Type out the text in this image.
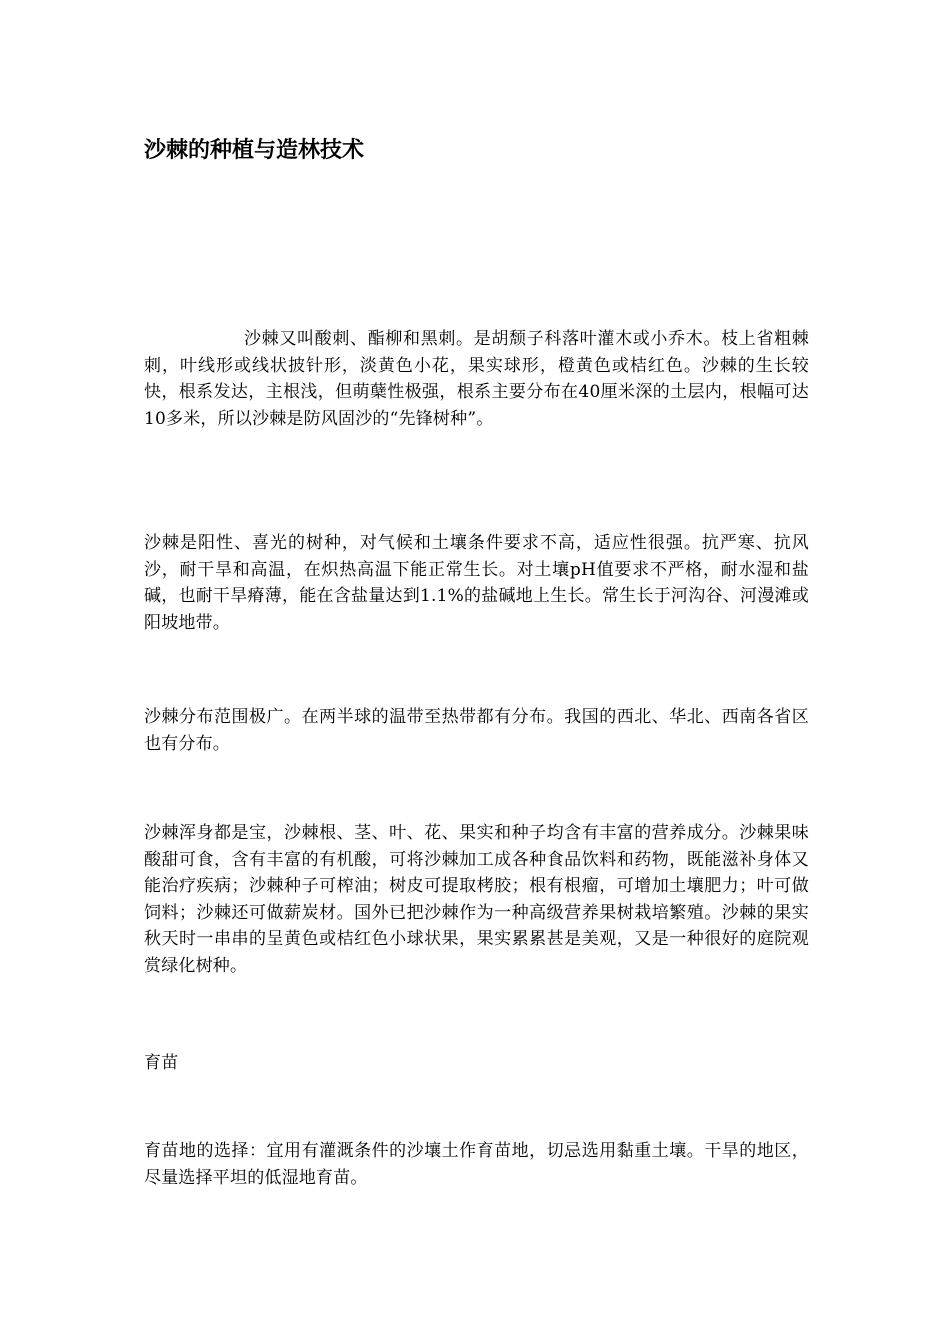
沙棘的种植与造林技术

沙棘又叫酸刺、酯柳和黑刺。是胡颓子科落叶灌木或小乔木。枝上省粗棘刺，叶线形或线状披针形，淡黄色小花，果实球形，橙黄色或桔红色。沙棘的生长较快，根系发达，主根浅，但萌蘖性极强，根系主要分布在40厘米深的土层内，根幅可达10多米，所以沙棘是防风固沙的“先锋树种”。

沙棘是阳性、喜光的树种，对气候和土壤条件要求不高，适应性很强。抗严寒、抗风沙，耐干旱和高温，在炽热高温下能正常生长。对土壤pH值要求不严格，耐水湿和盐碱，也耐干旱瘠薄，能在含盐量达到1.1%的盐碱地上生长。常生长于河沟谷、河漫滩或阳坡地带。

沙棘分布范围极广。在两半球的温带至热带都有分布。我国的西北、华北、西南各省区也有分布。

沙棘浑身都是宝，沙棘根、茎、叶、花、果实和种子均含有丰富的营养成分。沙棘果味酸甜可食，含有丰富的有机酸，可将沙棘加工成各种食品饮料和药物，既能滋补身体又能治疗疾病；沙棘种子可榨油；树皮可提取栲胶；根有根瘤，可增加土壤肥力；叶可做饲料；沙棘还可做薪炭材。国外已把沙棘作为一种高级营养果树栽培繁殖。沙棘的果实秋天时一串串的呈黄色或桔红色小球状果，果实累累甚是美观，又是一种很好的庭院观赏绿化树种。

育苗

育苗地的选择：宜用有灌溉条件的沙壤土作育苗地，切忌选用黏重土壤。干旱的地区，尽量选择平坦的低湿地育苗。
